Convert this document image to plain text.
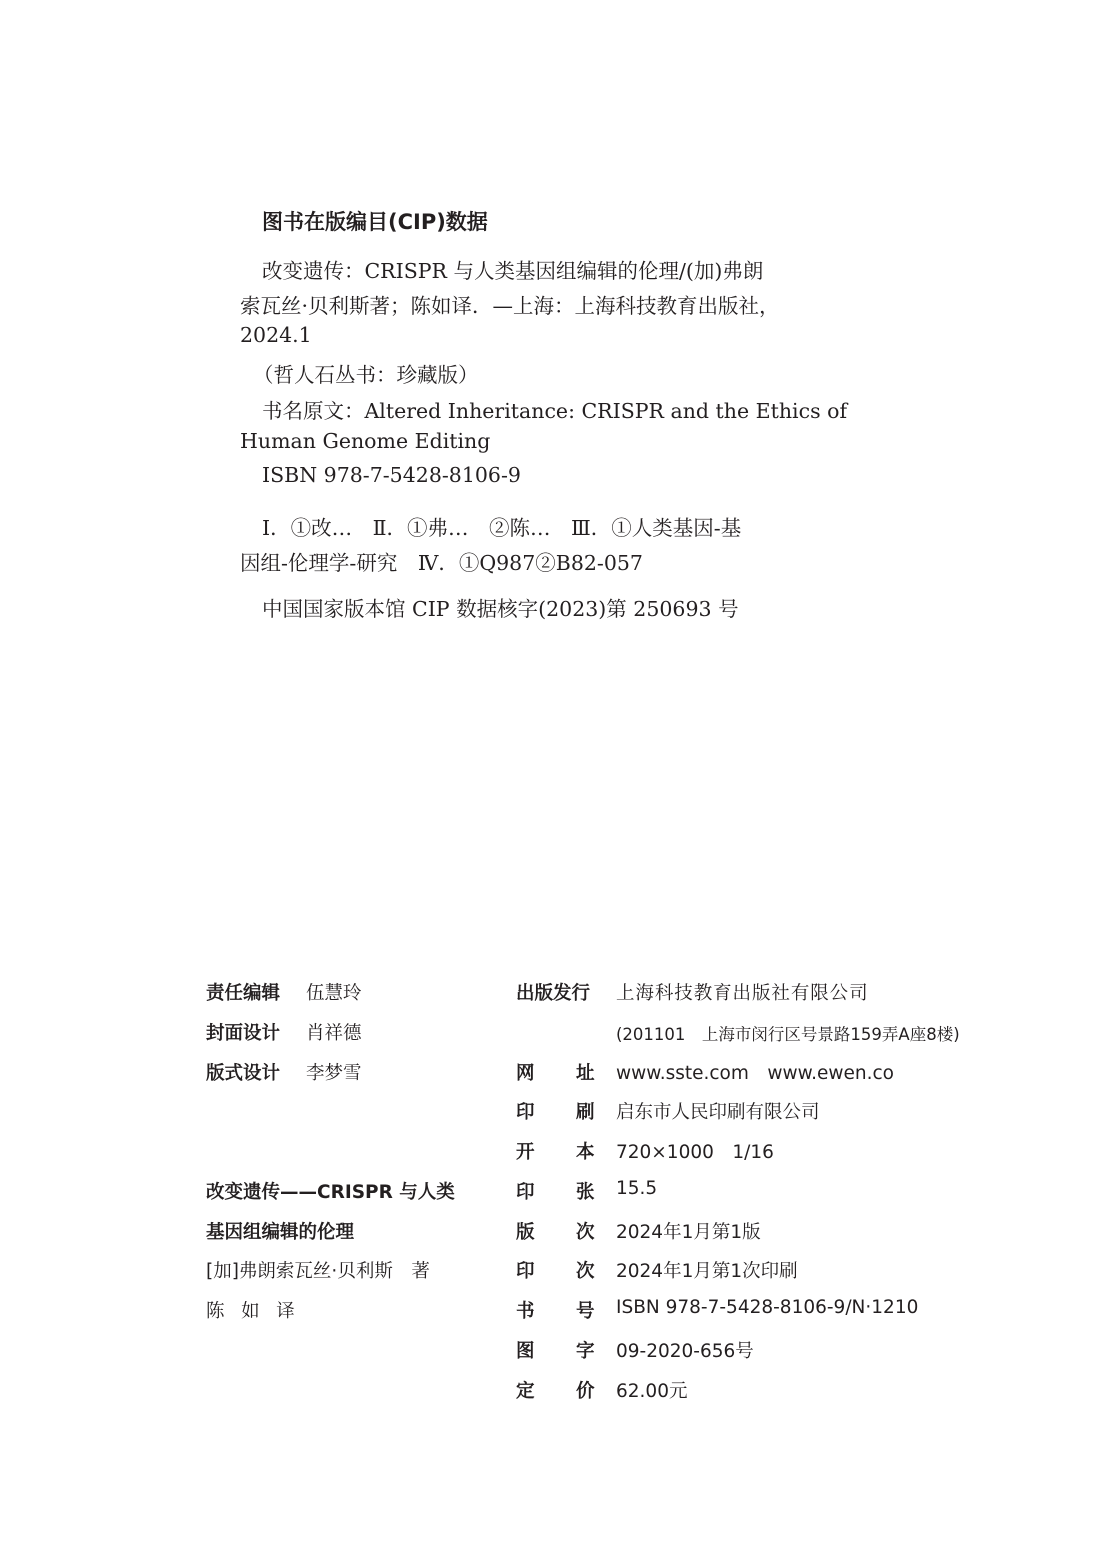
图书在版编目(CIP)数据
改变遗传：CRISPR 与人类基因组编辑的伦理/(加)弗朗
索瓦丝·贝利斯著；陈如译．—上海：上海科技教育出版社，
2024.1
（哲人石丛书：珍藏版）
书名原文：Altered Inheritance: CRISPR and the Ethics of
Human Genome Editing
ISBN 978-7-5428-8106-9
Ⅰ．①改…　Ⅱ．①弗…　②陈…　Ⅲ．①人类基因-基
因组-伦理学-研究　Ⅳ．①Q987②B82-057
中国国家版本馆 CIP 数据核字(2023)第 250693 号
责任编辑 伍慧玲
封面设计 肖祥德
版式设计 李梦雪
改变遗传——CRISPR 与人类
基因组编辑的伦理
[加]弗朗索瓦丝·贝利斯　著
陈如译
出版发行 上海科技教育出版社有限公司
(201101　上海市闵行区号景路159弄A座8楼)
网 址 www.sste.com　www.ewen.co
印 刷 启东市人民印刷有限公司
开 本 720×1000　1/16
印 张 15.5
版 次 2024年1月第1版
印 次 2024年1月第1次印刷
书 号 ISBN 978-7-5428-8106-9/N·1210
图 字 09-2020-656号
定 价 62.00元
